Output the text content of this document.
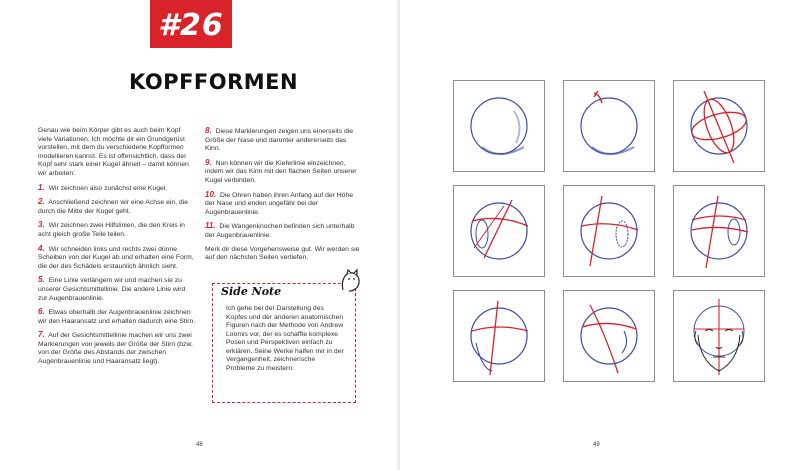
#26
KOPFFORMEN

Genau wie beim Körper gibt es auch beim Kopf viele Variationen. Ich möchte dir ein Grundgerüst vorstellen, mit dem du verschiedene Kopfformen modellieren kannst. Es ist offensichtlich, dass der Kopf sehr stark einer Kugel ähnelt – damit können wir arbeiten:

1. Wir zeichnen also zunächst eine Kugel.

2. Anschließend zeichnen wir eine Achse ein, die durch die Mitte der Kugel geht.

3. Wir zeichnen zwei Hilfslinien, die den Kreis in acht gleich große Teile teilen.

4. Wir schneiden links und rechts zwei dünne Scheiben von der Kugel ab und erhalten eine Form, die der des Schädels erstaunlich ähnlich sieht.

5. Eine Linie verlängern wir und machen sie zu unserer Gesichtsmittellinie. Die andere Linie wird zur Augenbrauenlinie.

6. Etwas oberhalb der Augenbrauenlinie zeichnen wir den Haaransatz und erhalten dadurch eine Stirn.

7. Auf der Gesichtsmittellinie machen wir uns zwei Markierungen von jeweils der Größe der Stirn (bzw. von der Größe des Abstands der zwischen Augenbrauenlinie und Haaransatz liegt).

8. Diese Markierungen zeigen uns einerseits die Größe der Nase und darunter andererseits das Kinn.

9. Nun können wir die Kieferlinie einzeichnen, indem wir das Kinn mit den flachen Seiten unserer Kugel verbinden.

10. Die Ohren haben ihren Anfang auf der Höhe der Nase und enden ungefähr bei der Augenbrauenlinie.

11. Die Wangenknochen befinden sich unterhalb der Augenbrauenlinie.

Merk dir diese Vorgehensweise gut. Wir werden sie auf den nächsten Seiten vertiefen.

Side Note
Ich gehe bei der Darstellung des Kopfes und der anderen anatomischen Figuren nach der Methode von Andrew Loomis vor, der es schaffte komplexe Posen und Perspektiven einfach zu erklären. Seine Werke halfen mir in der Vergangenheit, zeichnerische Probleme zu meistern.
48	49
